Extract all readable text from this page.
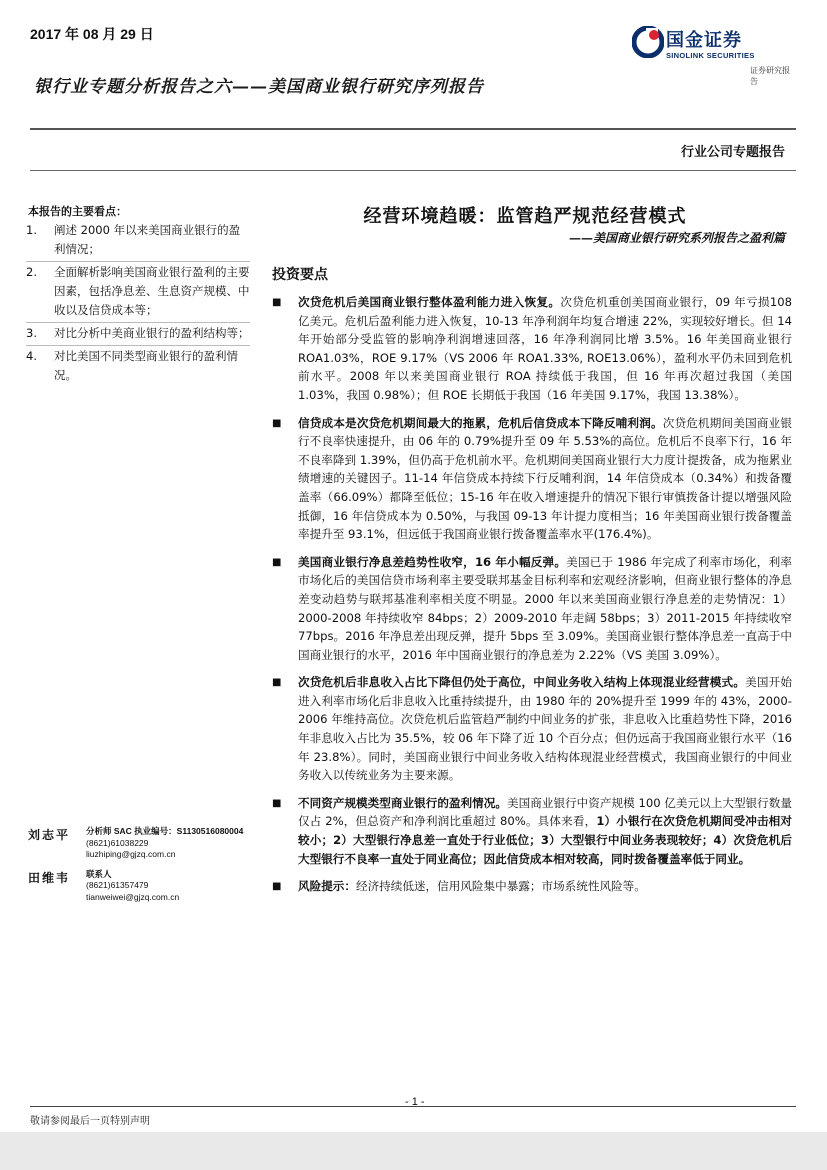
2017 年 08 月 29 日	国金证券
SINOLINK SECURITIES
证券研究报告
银行业专题分析报告之六——美国商业银行研究序列报告
行业公司专题报告
本报告的主要看点：
1.	阐述 2000 年以来美国商业银行的盈利情况；
2.	全面解析影响美国商业银行盈利的主要因素，包括净息差、生息资产规模、中收以及信贷成本等；
3.	对比分析中美商业银行的盈利结构等；
4.	对比美国不同类型商业银行的盈利情况。
经营环境趋暖：监管趋严规范经营模式
——美国商业银行研究系列报告之盈利篇
投资要点
■	次贷危机后美国商业银行整体盈利能力进入恢复。次贷危机重创美国商业银行，09 年亏损108 亿美元。危机后盈利能力进入恢复，10-13 年净利润年均复合增速 22%，实现较好增长。但 14 年开始部分受监管的影响净利润增速回落，16 年净利润同比增 3.5%。16 年美国商业银行 ROA1.03%，ROE 9.17%（VS 2006 年 ROA1.33%, ROE13.06%），盈利水平仍未回到危机前水平。2008 年以来美国商业银行 ROA 持续低于我国，但 16 年再次超过我国（美国 1.03%，我国 0.98%）；但 ROE 长期低于我国（16 年美国 9.17%，我国 13.38%）。
■	信贷成本是次贷危机期间最大的拖累，危机后信贷成本下降反哺利润。次贷危机期间美国商业银行不良率快速提升，由 06 年的 0.79%提升至 09 年 5.53%的高位。危机后不良率下行，16 年不良率降到 1.39%，但仍高于危机前水平。危机期间美国商业银行大力度计提拨备，成为拖累业绩增速的关键因子。11-14 年信贷成本持续下行反哺利润，14 年信贷成本（0.34%）和拨备覆盖率（66.09%）都降至低位；15-16 年在收入增速提升的情况下银行审慎拨备计提以增强风险抵御，16 年信贷成本为 0.50%，与我国 09-13 年计提力度相当；16 年美国商业银行拨备覆盖率提升至 93.1%，但远低于我国商业银行拨备覆盖率水平(176.4%)。
■	美国商业银行净息差趋势性收窄，16 年小幅反弹。美国已于 1986 年完成了利率市场化，利率市场化后的美国信贷市场利率主要受联邦基金目标利率和宏观经济影响，但商业银行整体的净息差变动趋势与联邦基准利率相关度不明显。2000 年以来美国商业银行净息差的走势情况：1）2000-2008 年持续收窄 84bps；2）2009-2010 年走阔 58bps；3）2011-2015 年持续收窄 77bps。2016 年净息差出现反弹，提升 5bps 至 3.09%。美国商业银行整体净息差一直高于中国商业银行的水平，2016 年中国商业银行的净息差为 2.22%（VS 美国 3.09%）。
■	次贷危机后非息收入占比下降但仍处于高位，中间业务收入结构上体现混业经营模式。美国开始进入利率市场化后非息收入比重持续提升，由 1980 年的 20%提升至 1999 年的 43%，2000-2006 年维持高位。次贷危机后监管趋严制约中间业务的扩张，非息收入比重趋势性下降，2016 年非息收入占比为 35.5%，较 06 年下降了近 10 个百分点；但仍远高于我国商业银行水平（16 年 23.8%）。同时，美国商业银行中间业务收入结构体现混业经营模式，我国商业银行的中间业务收入以传统业务为主要来源。
■	不同资产规模类型商业银行的盈利情况。美国商业银行中资产规模 100 亿美元以上大型银行数量仅占 2%，但总资产和净利润比重超过 80%。具体来看，1）小银行在次贷危机期间受冲击相对较小；2）大型银行净息差一直处于行业低位；3）大型银行中间业务表现较好；4）次贷危机后大型银行不良率一直处于同业高位；因此信贷成本相对较高，同时拨备覆盖率低于同业。
■	风险提示：经济持续低迷，信用风险集中暴露；市场系统性风险等。
刘志平	分析师 SAC 执业编号：S1130516080004
(8621)61038229
liuzhiping@gjzq.com.cn
田维韦	联系人
(8621)61357479
tianweiwei@gjzq.com.cn
- 1 -
敬请参阅最后一页特别声明
